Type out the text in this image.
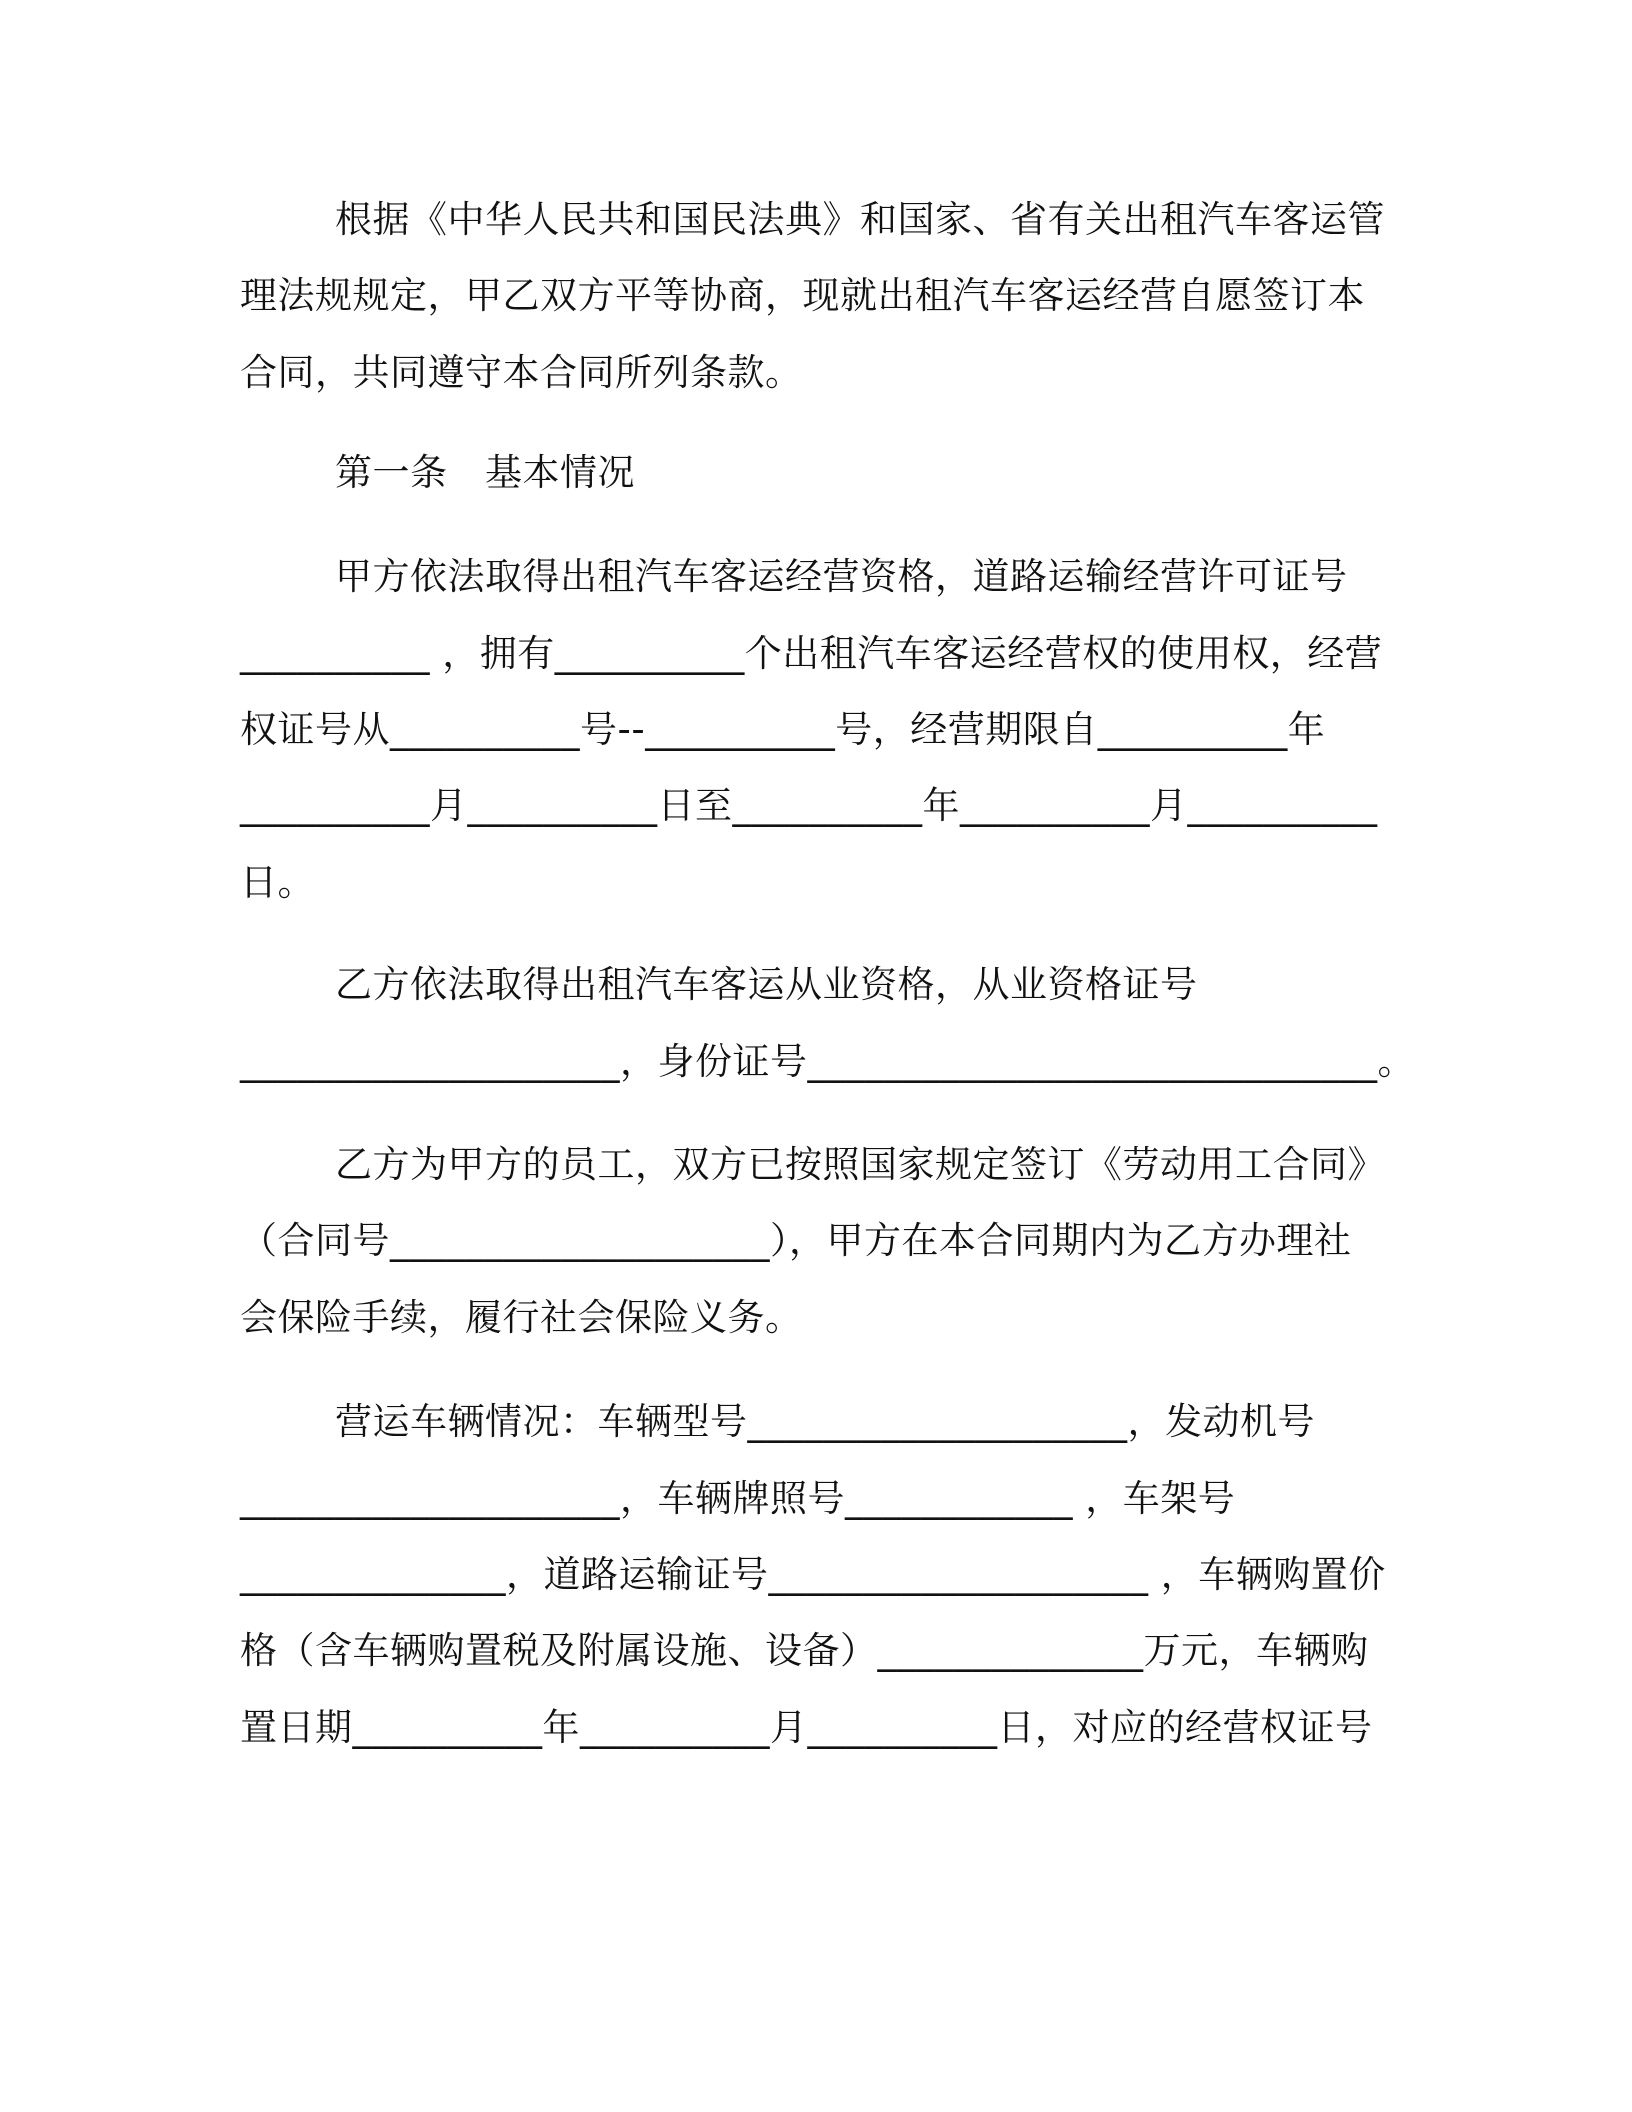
根据《中华人民共和国民法典》和国家、省有关出租汽车客运管
理法规规定，甲乙双方平等协商，现就出租汽车客运经营自愿签订本
合同，共同遵守本合同所列条款。
第一条　基本情况
甲方依法取得出租汽车客运经营资格，道路运输经营许可证号
__________ ，拥有__________个出租汽车客运经营权的使用权，经营
权证号从__________号--__________号，经营期限自__________年
__________月__________日至__________年__________月__________
日。
乙方依法取得出租汽车客运从业资格，从业资格证号
____________________，身份证号______________________________。
乙方为甲方的员工，双方已按照国家规定签订《劳动用工合同》
（合同号____________________），甲方在本合同期内为乙方办理社
会保险手续，履行社会保险义务。
营运车辆情况：车辆型号____________________，发动机号
____________________，车辆牌照号____________ ，车架号
______________，道路运输证号____________________ ，车辆购置价
格（含车辆购置税及附属设施、设备）______________万元，车辆购
置日期__________年__________月__________日，对应的经营权证号
